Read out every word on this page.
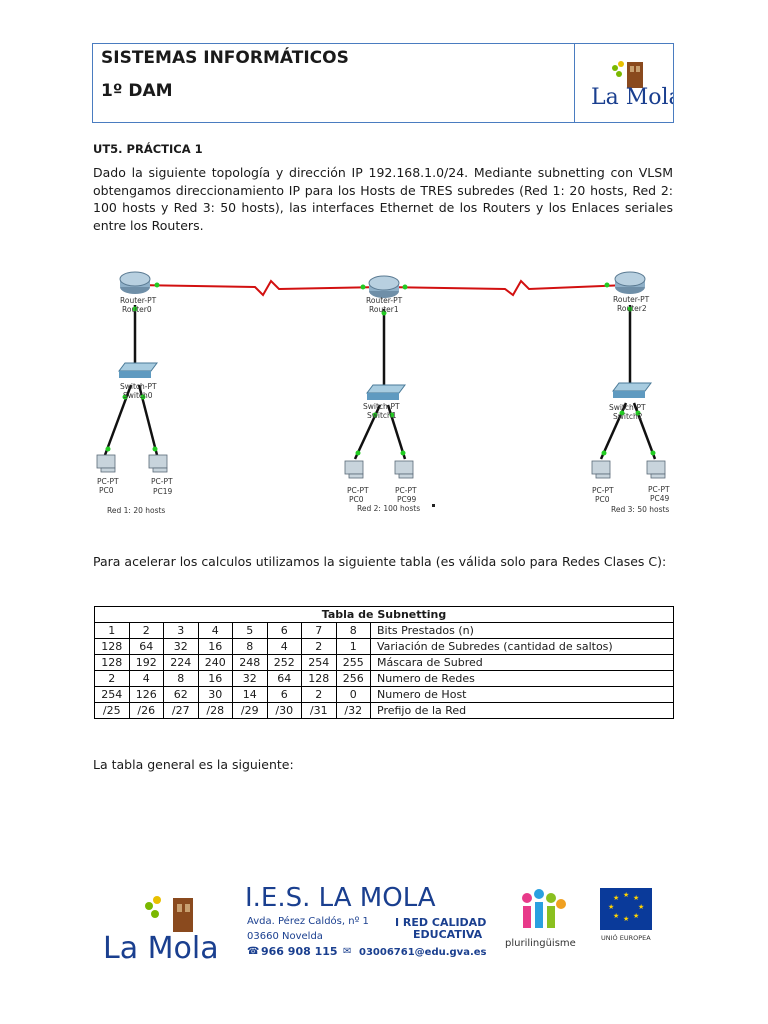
SISTEMAS INFORMÁTICOS
1º DAM	La Mola
UT5. PRÁCTICA 1
Dado la siguiente topología y dirección IP 192.168.1.0/24. Mediante subnetting con VLSM obtengamos direccionamiento IP para los Hosts de TRES subredes (Red 1: 20 hosts, Red 2: 100 hosts y Red 3: 50 hosts), las interfaces Ethernet de los Routers y los Enlaces seriales entre los Routers.
Router-PT
Router0
Router-PT
Router1
Router-PT
Router2
Switch-PT
Switch0
Switch-PT
Switch1
Switch-PT
Switch2
PC-PT
PC0
PC-PT
PC19	PC-PT
PC0
PC-PT
PC99
PC-PT
PC0
PC-PT
PC49
Red 1: 20 hosts	Red 2: 100 hosts	Red 3: 50 hosts
Para acelerar los calculos utilizamos la siguiente tabla (es válida solo para Redes Clases C):
Tabla de Subnetting								
1	2	3	4	5	6	7	8	Bits Prestados (n)
128	64	32	16	8	4	2	1	Variación de Subredes (cantidad de saltos)
128	192	224	240	248	252	254	255	Máscara de Subred
2	4	8	16	32	64	128	256	Numero de Redes
254	126	62	30	14	6	2	0	Numero de Host
/25	/26	/27	/28	/29	/30	/31	/32	Prefijo de la Red
La tabla general es la siguiente:
La Mola
I.E.S. LA MOLA
Avda. Pérez Caldós, nº 1
03660 Novelda
☎ 966 908 115 ✉ 03006761@edu.gva.es
I RED CALIDAD
EDUCATIVA
plurilingüisme
★ ★
★
★
★
★
★
★
UNIÓ EUROPEA
